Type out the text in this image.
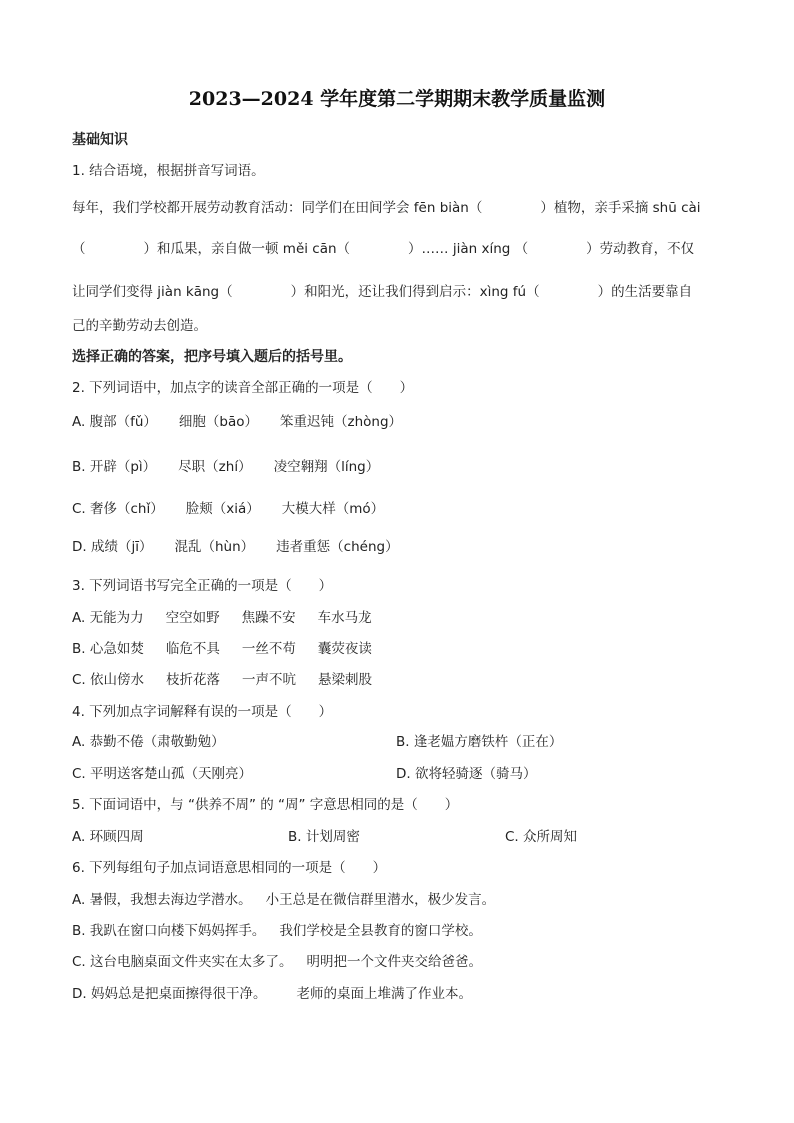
2023—2024 学年度第二学期期末教学质量监测
基础知识
1. 结合语境，根据拼音写词语。
每年，我们学校都开展劳动教育活动：同学们在田间学会 fēn biàn（	）植物，亲手采摘 shū cài
（	）和瓜果，亲自做一顿 měi cān（	）…… jiàn xíng （	）劳动教育，不仅
让同学们变得 jiàn kāng（	）和阳光，还让我们得到启示：xìng fú（	）的生活要靠自
己的辛勤劳动去创造。
选择正确的答案，把序号填入题后的括号里。
2. 下列词语中，加点字的读音全部正确的一项是（　　）
A. 腹部（fǔ） 细胞（bāo） 笨重迟钝（zhòng）
B. 开辟（pì） 尽职（zhí） 凌空翱翔（líng）
C. 奢侈（chǐ） 脸颊（xiá） 大模大样（mó）
D. 成绩（jī） 混乱（hùn） 违者重惩（chéng）
3. 下列词语书写完全正确的一项是（　　）
A. 无能为力 空空如野 焦躁不安 车水马龙
B. 心急如焚 临危不具 一丝不苟 囊荧夜读
C. 依山傍水 枝折花落 一声不吭 悬梁刺股
4. 下列加点字词解释有误的一项是（　　）
A. 恭勤不倦（肃敬勤勉）	B. 逢老媪方磨铁杵（正在）
C. 平明送客楚山孤（天刚亮）	D. 欲将轻骑逐（骑马）
5. 下面词语中，与 “供养不周” 的 “周” 字意思相同的是（　　）
A. 环顾四周	B. 计划周密	C. 众所周知
6. 下列每组句子加点词语意思相同的一项是（　　）
A. 暑假，我想去海边学潜水。 小王总是在微信群里潜水，极少发言。
B. 我趴在窗口向楼下妈妈挥手。 我们学校是全县教育的窗口学校。
C. 这台电脑桌面文件夹实在太多了。 明明把一个文件夹交给爸爸。
D. 妈妈总是把桌面擦得很干净。 老师的桌面上堆满了作业本。
